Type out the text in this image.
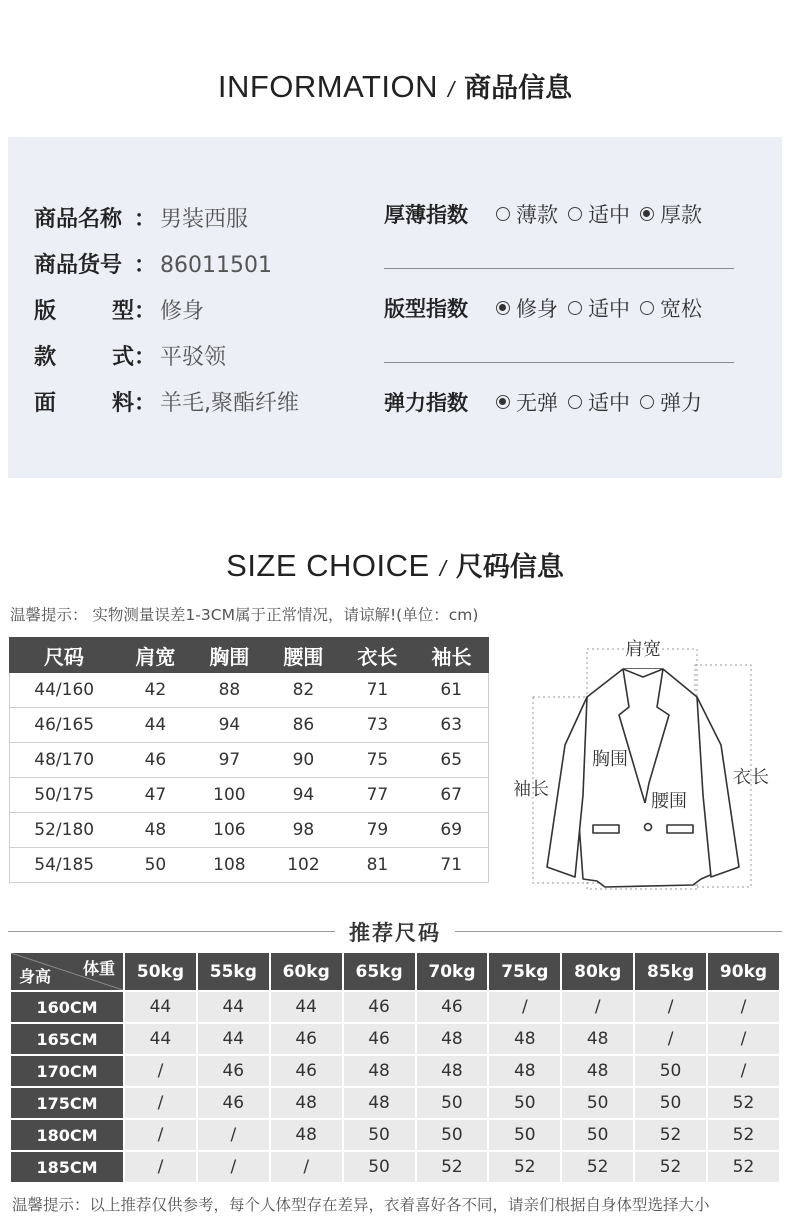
INFORMATION / 商品信息
商品名称 ： 男装西服
商品货号 ： 86011501
版	型 ： 修身
款	式 ： 平驳领
面	料 ： 羊毛,聚酯纤维
厚薄指数 薄款 适中 厚款
版型指数 修身 适中 宽松
弹力指数 无弹 适中 弹力
SIZE CHOICE / 尺码信息
温馨提示： 实物测量误差1-3CM属于正常情况，请谅解!(单位：cm)
尺码	肩宽	胸围	腰围	衣长	袖长
44/160	42	88	82	71	61
46/165	44	94	86	73	63
48/170	46	97	90	75	65
50/175	47	100	94	77	67
52/180	48	106	98	79	69
54/185	50	108	102	81	71
肩宽
胸围
腰围
袖长
衣长
推荐尺码
体重
身高	50kg	55kg	60kg	65kg	70kg	75kg	80kg	85kg	90kg
160CM	44	44	44	46	46	/	/	/	/
165CM	44	44	46	46	48	48	48	/	/
170CM	/	46	46	48	48	48	48	50	/
175CM	/	46	48	48	50	50	50	50	52
180CM	/	/	48	50	50	50	50	52	52
185CM	/	/	/	50	52	52	52	52	52
温馨提示：以上推荐仅供参考，每个人体型存在差异，衣着喜好各不同，请亲们根据自身体型选择大小
